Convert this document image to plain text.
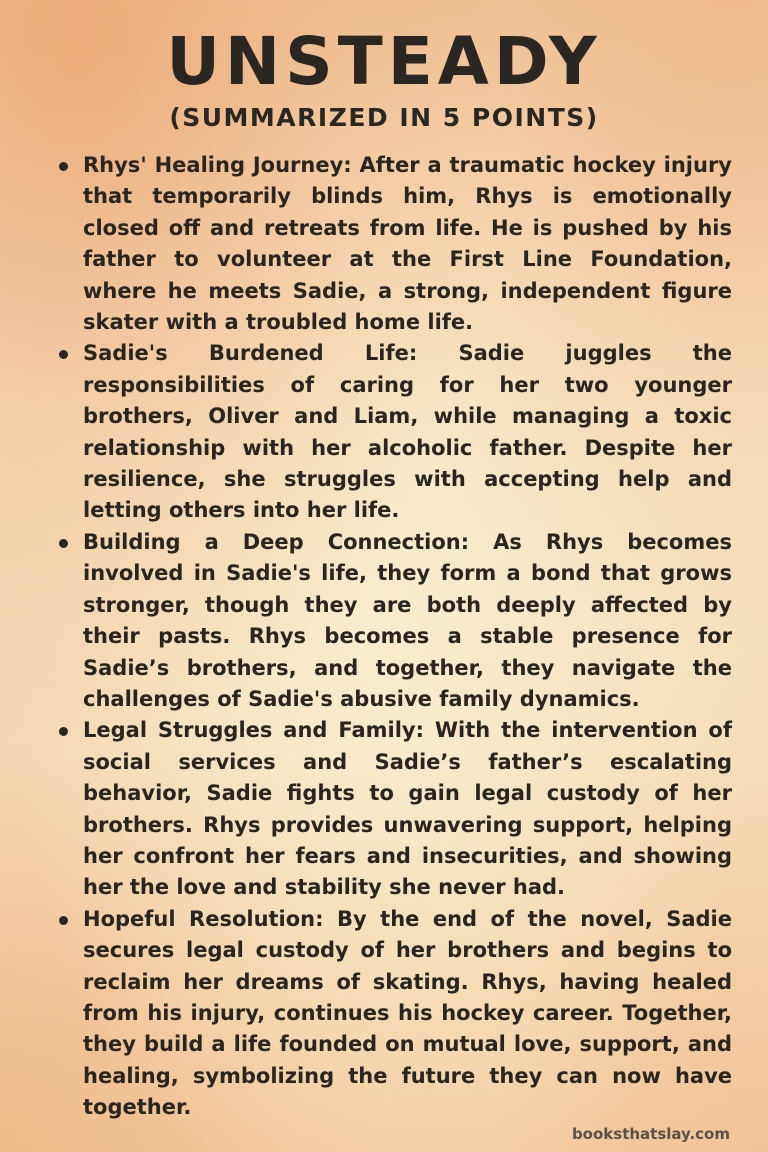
UNSTEADY
(SUMMARIZED IN 5 POINTS)
Rhys' Healing Journey: After a traumatic hockey injury that temporarily blinds him, Rhys is emotionally closed off and retreats from life. He is pushed by his father to volunteer at the First Line Foundation, where he meets Sadie, a strong, independent figure skater with a troubled home life.
Sadie's Burdened Life: Sadie juggles the responsibilities of caring for her two younger brothers, Oliver and Liam, while managing a toxic relationship with her alcoholic father. Despite her resilience, she struggles with accepting help and letting others into her life.
Building a Deep Connection: As Rhys becomes involved in Sadie's life, they form a bond that grows stronger, though they are both deeply affected by their pasts. Rhys becomes a stable presence for Sadie’s brothers, and together, they navigate the challenges of Sadie's abusive family dynamics.
Legal Struggles and Family: With the intervention of social services and Sadie’s father’s escalating behavior, Sadie fights to gain legal custody of her brothers. Rhys provides unwavering support, helping her confront her fears and insecurities, and showing her the love and stability she never had.
Hopeful Resolution: By the end of the novel, Sadie secures legal custody of her brothers and begins to reclaim her dreams of skating. Rhys, having healed from his injury, continues his hockey career. Together, they build a life founded on mutual love, support, and healing, symbolizing the future they can now have together.
booksthatslay.com
